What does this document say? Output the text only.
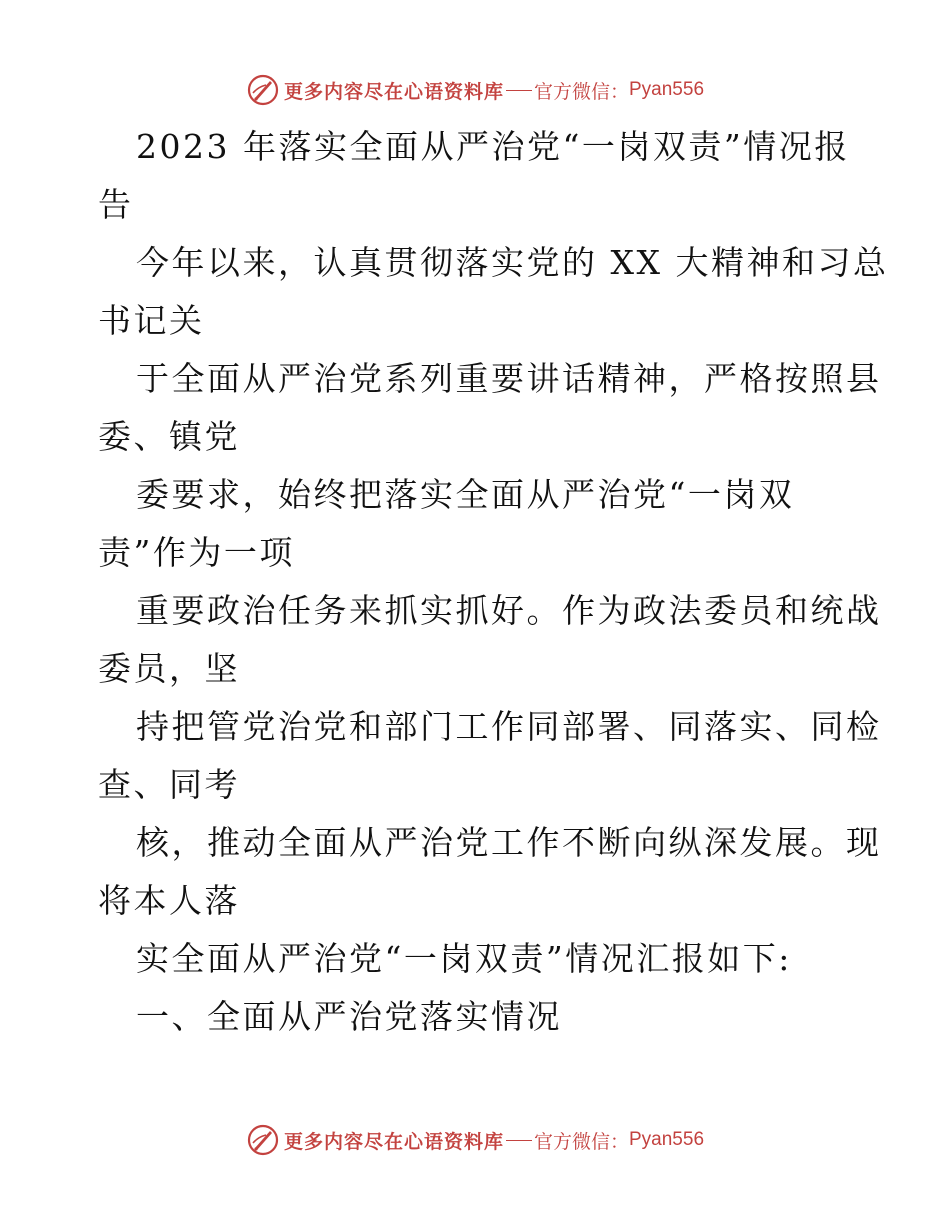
更多内容尽在心语资料库 官方微信： Pyan556
2023 年落实全面从严治党“一岗双责”情况报
告
今年以来，认真贯彻落实党的 XX 大精神和习总
书记关
于全面从严治党系列重要讲话精神，严格按照县
委、镇党
委要求，始终把落实全面从严治党“一岗双
责”作为一项
重要政治任务来抓实抓好。作为政法委员和统战
委员，坚
持把管党治党和部门工作同部署、同落实、同检
查、同考
核，推动全面从严治党工作不断向纵深发展。现
将本人落
实全面从严治党“一岗双责”情况汇报如下:
一、全面从严治党落实情况
更多内容尽在心语资料库 官方微信： Pyan556
